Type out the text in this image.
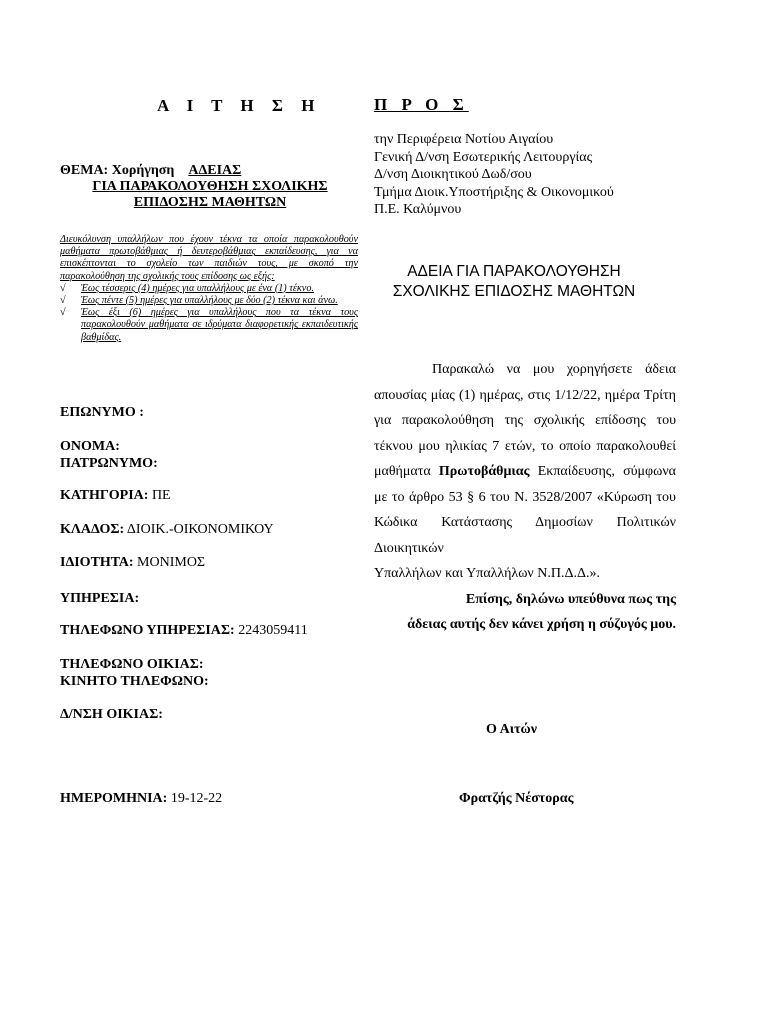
Α Ι Τ Η Σ Η	Π Ρ Ο Σ
την Περιφέρεια Νοτίου Αιγαίου
Γενική Δ/νση Εσωτερικής Λειτουργίας
Δ/νση Διοικητικού Δωδ/σου
Τμήμα Διοικ.Υποστήριξης & Οικονομικού
Π.Ε. Καλύμνου
ΘΕΜΑ: Χορήγηση ΑΔΕΙΑΣ
ΓΙΑ ΠΑΡΑΚΟΛΟΥΘΗΣΗ ΣΧΟΛΙΚΗΣ
ΕΠΙΔΟΣΗΣ ΜΑΘΗΤΩΝ
Διευκόλυνση υπαλλήλων που έχουν τέκνα τα οποία παρακολουθούν μαθήματα πρωτοβάθμιας ή δευτεροβάθμιας εκπαίδευσης, για να επισκέπτονται το σχολείο των παιδιών τους, με σκοπό την παρακολούθηση της σχολικής τους επίδοσης ως εξής:
√	Έως τέσσερις (4) ημέρες για υπαλλήλους με ένα (1) τέκνο.
√	Έως πέντε (5) ημέρες για υπαλλήλους με δύο (2) τέκνα και άνω.
√	Έως έξι (6) ημέρες για υπαλλήλους που τα τέκνα τους παρακολουθούν μαθήματα σε ιδρύματα διαφορετικής εκπαιδευτικής βαθμίδας.
ΑΔΕΙΑ ΓΙΑ ΠΑΡΑΚΟΛΟΥΘΗΣΗ
ΣΧΟΛΙΚΗΣ ΕΠΙΔΟΣΗΣ ΜΑΘΗΤΩΝ
Παρακαλώ να μου χορηγήσετε άδεια απουσίας μίας (1) ημέρας, στις 1/12/22, ημέρα Τρίτη για παρακολούθηση της σχολικής επίδοσης του τέκνου μου ηλικίας 7 ετών, το οποίο παρακολουθεί μαθήματα Πρωτοβάθμιας Εκπαίδευσης, σύμφωνα με το άρθρο 53 § 6 του Ν. 3528/2007 «Κύρωση του Κώδικα Κατάστασης Δημοσίων Πολιτικών Διοικητικών
Υπαλλήλων και Υπαλλήλων Ν.Π.Δ.Δ.».
Επίσης, δηλώνω υπεύθυνα πως της
άδειας αυτής δεν κάνει χρήση η σύζυγός μου.
ΕΠΩΝΥΜΟ :
ΟΝΟΜΑ:
ΠΑΤΡΩΝΥΜΟ:
ΚΑΤΗΓΟΡΙΑ: ΠΕ
ΚΛΑΔΟΣ: ΔΙΟΙΚ.-ΟΙΚΟΝΟΜΙΚΟΥ
ΙΔΙΟΤΗΤΑ: ΜΟΝΙΜΟΣ
ΥΠΗΡΕΣΙΑ:
ΤΗΛΕΦΩΝΟ ΥΠΗΡΕΣΙΑΣ: 2243059411
ΤΗΛΕΦΩΝΟ ΟΙΚΙΑΣ:
ΚΙΝΗΤΟ ΤΗΛΕΦΩΝΟ:
Δ/ΝΣΗ ΟΙΚΙΑΣ:
ΗΜΕΡΟΜΗΝΙΑ: 19-12-22
Ο Αιτών
Φρατζής Νέστορας
